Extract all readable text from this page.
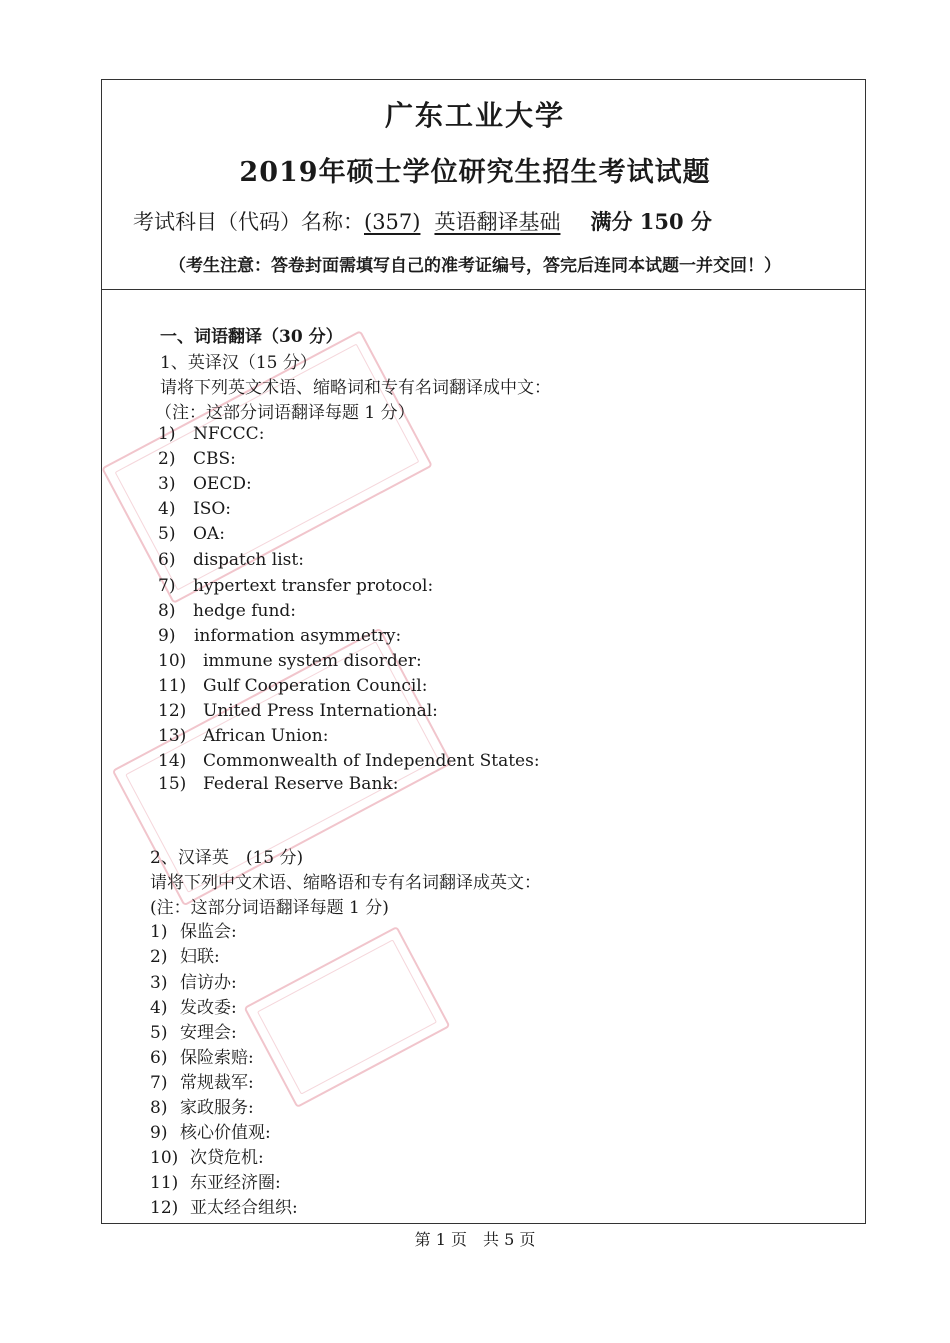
广东工业大学
2019年硕士学位研究生招生考试试题
考试科目（代码）名称：(357) 英语翻译基础 满分 150 分
（考生注意：答卷封面需填写自己的准考证编号，答完后连同本试题一并交回！）
一、词语翻译（30 分）
1、英译汉（15 分）
请将下列英文术语、缩略词和专有名词翻译成中文：
（注：这部分词语翻译每题 1 分）
1) NFCCC:
2) CBS:
3) OECD:
4) ISO:
5) OA:
6) dispatch list:
7) hypertext transfer protocol:
8) hedge fund:
9) information asymmetry:
10) immune system disorder:
11) Gulf Cooperation Council:
12) United Press International:
13) African Union:
14) Commonwealth of Independent States:
15) Federal Reserve Bank:
2、汉译英　(15 分)
请将下列中文术语、缩略语和专有名词翻译成英文：
(注：这部分词语翻译每题 1 分)
1) 保监会:
2) 妇联:
3) 信访办:
4) 发改委:
5) 安理会:
6) 保险索赔:
7) 常规裁军:
8) 家政服务:
9) 核心价值观:
10) 次贷危机:
11) 东亚经济圈:
12) 亚太经合组织:
第 1 页　共 5 页
